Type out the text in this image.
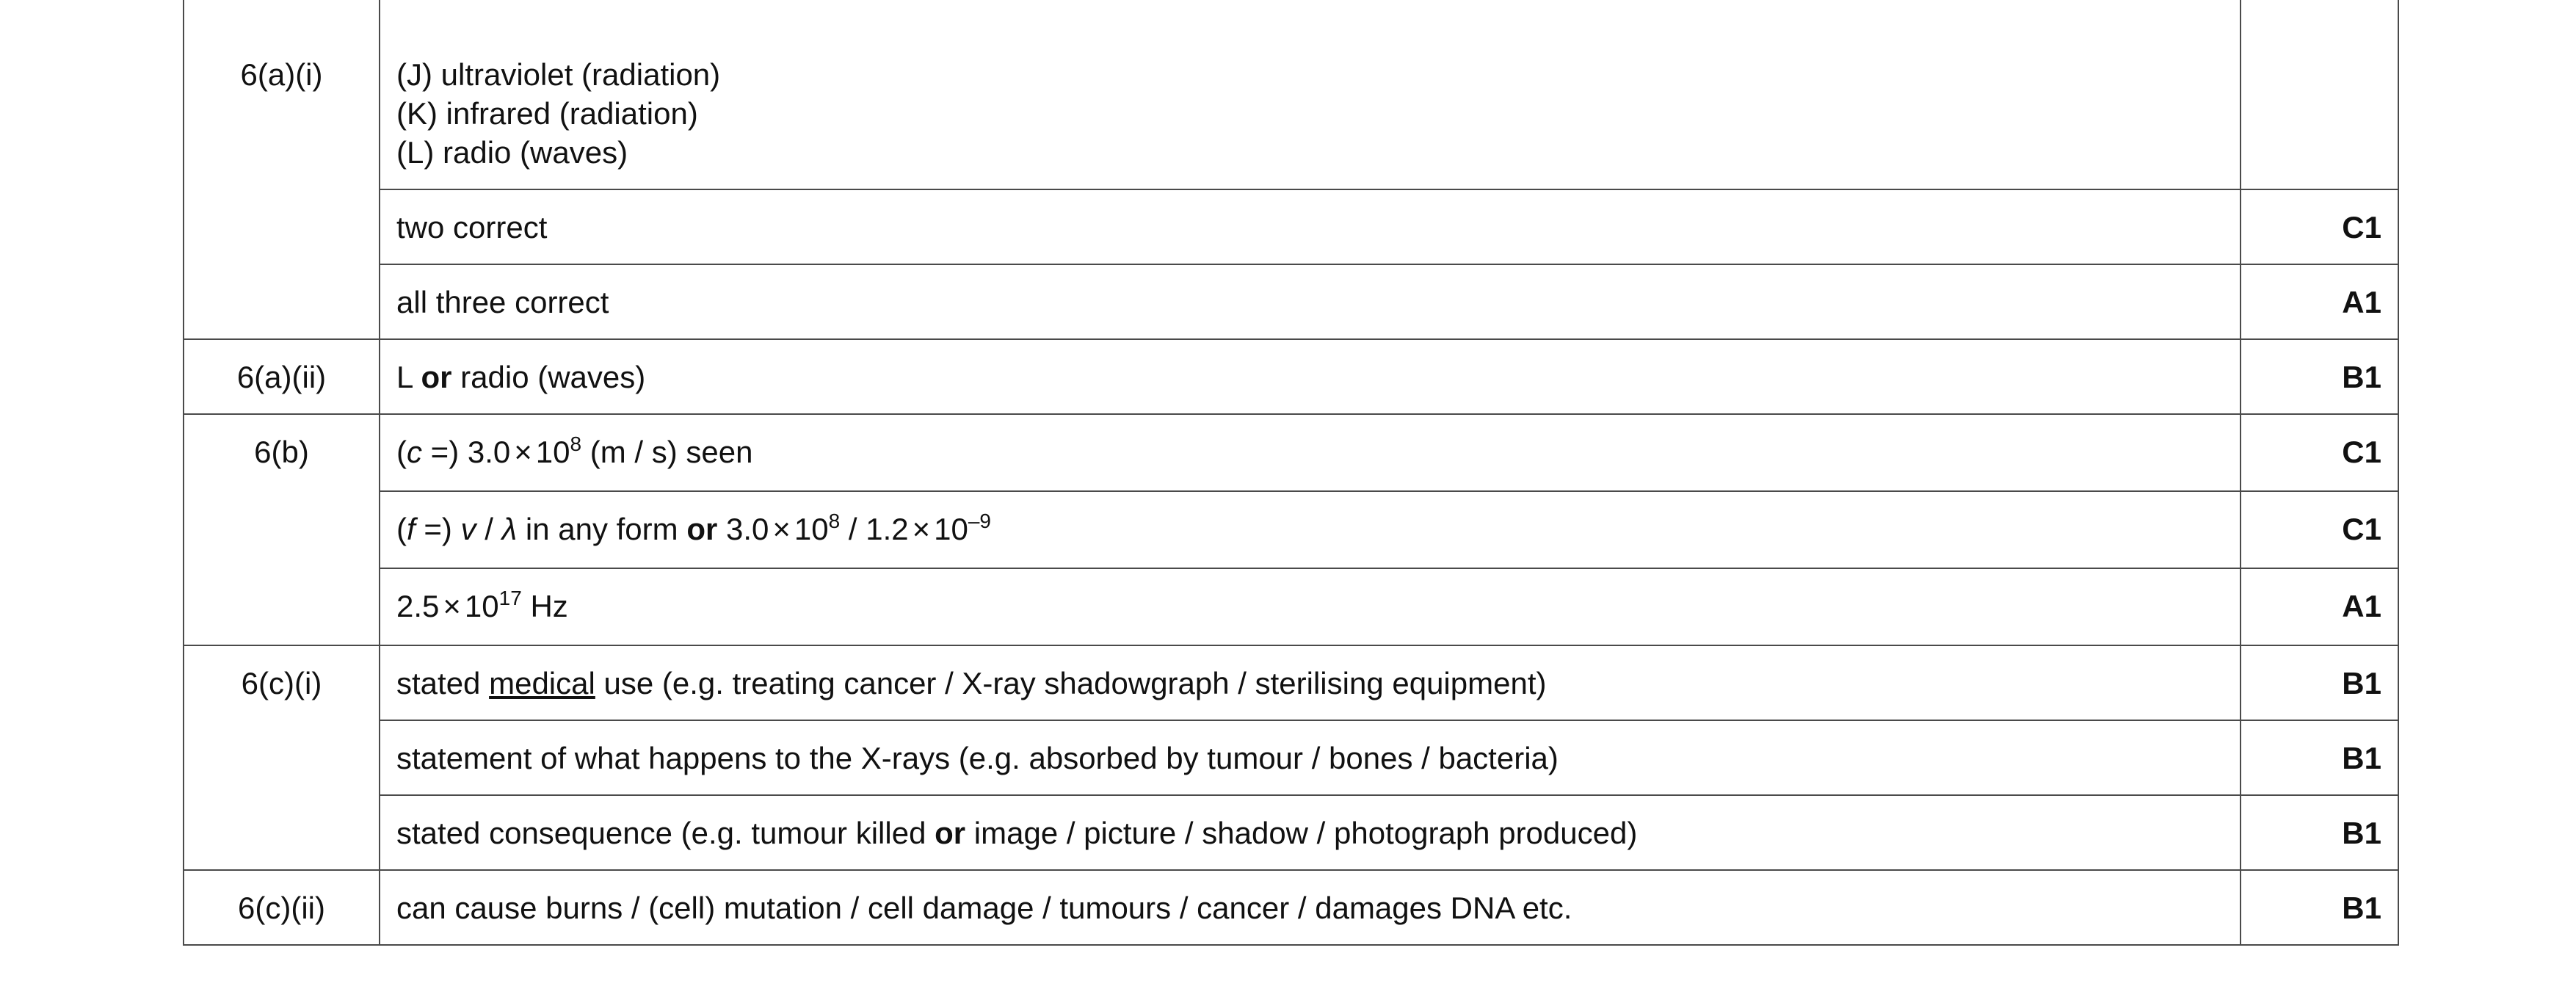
6(a)(i)	(J) ultraviolet (radiation)
(K) infrared (radiation)
(L) radio (waves)	

	two correct	C1
	all three correct	A1
6(a)(ii)	L or radio (waves)	B1
6(b)	(c =) $3.0 \times 10^8$ (m / s) seen	C1
	(f =) v / λ in any form or $3.0 \times 10^8 / 1.2 \times 10^{-9}$	C1
	$2.5 \times 10^{17}$ Hz	A1
6(c)(i)	stated medical use (e.g. treating cancer / X-ray shadowgraph / sterilising equipment)	B1
	statement of what happens to the X-rays (e.g. absorbed by tumour / bones / bacteria)	B1
	stated consequence (e.g. tumour killed or image / picture / shadow / photograph produced)	B1
6(c)(ii)	can cause burns / (cell) mutation / cell damage / tumours / cancer / damages DNA etc.	B1
